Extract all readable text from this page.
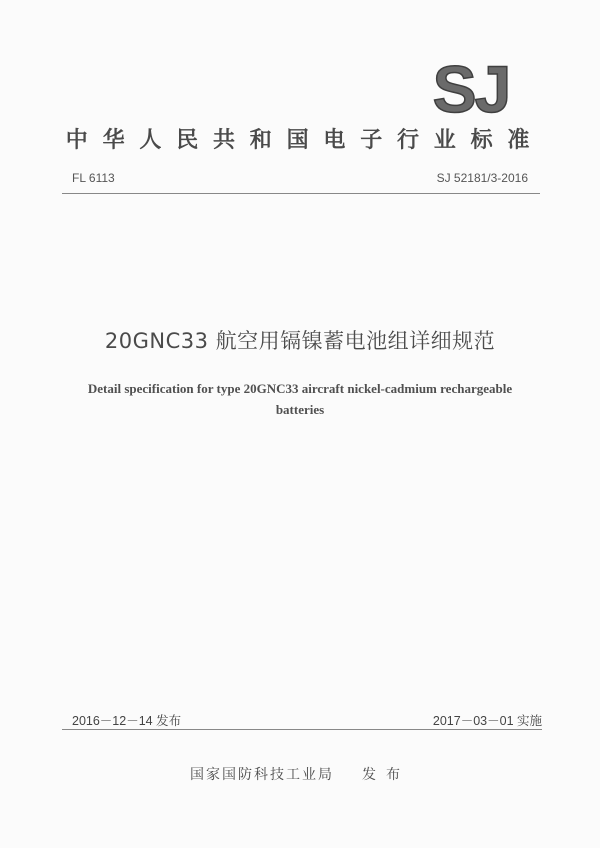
SJ
中华人民共和国电子行业标准
FL 6113	SJ 52181/3-2016
20GNC33 航空用镉镍蓄电池组详细规范
Detail specification for type 20GNC33 aircraft nickel-cadmium rechargeable batteries
2016－12－14 发布	2017－03－01 实施
国家国防科技工业局 发布
